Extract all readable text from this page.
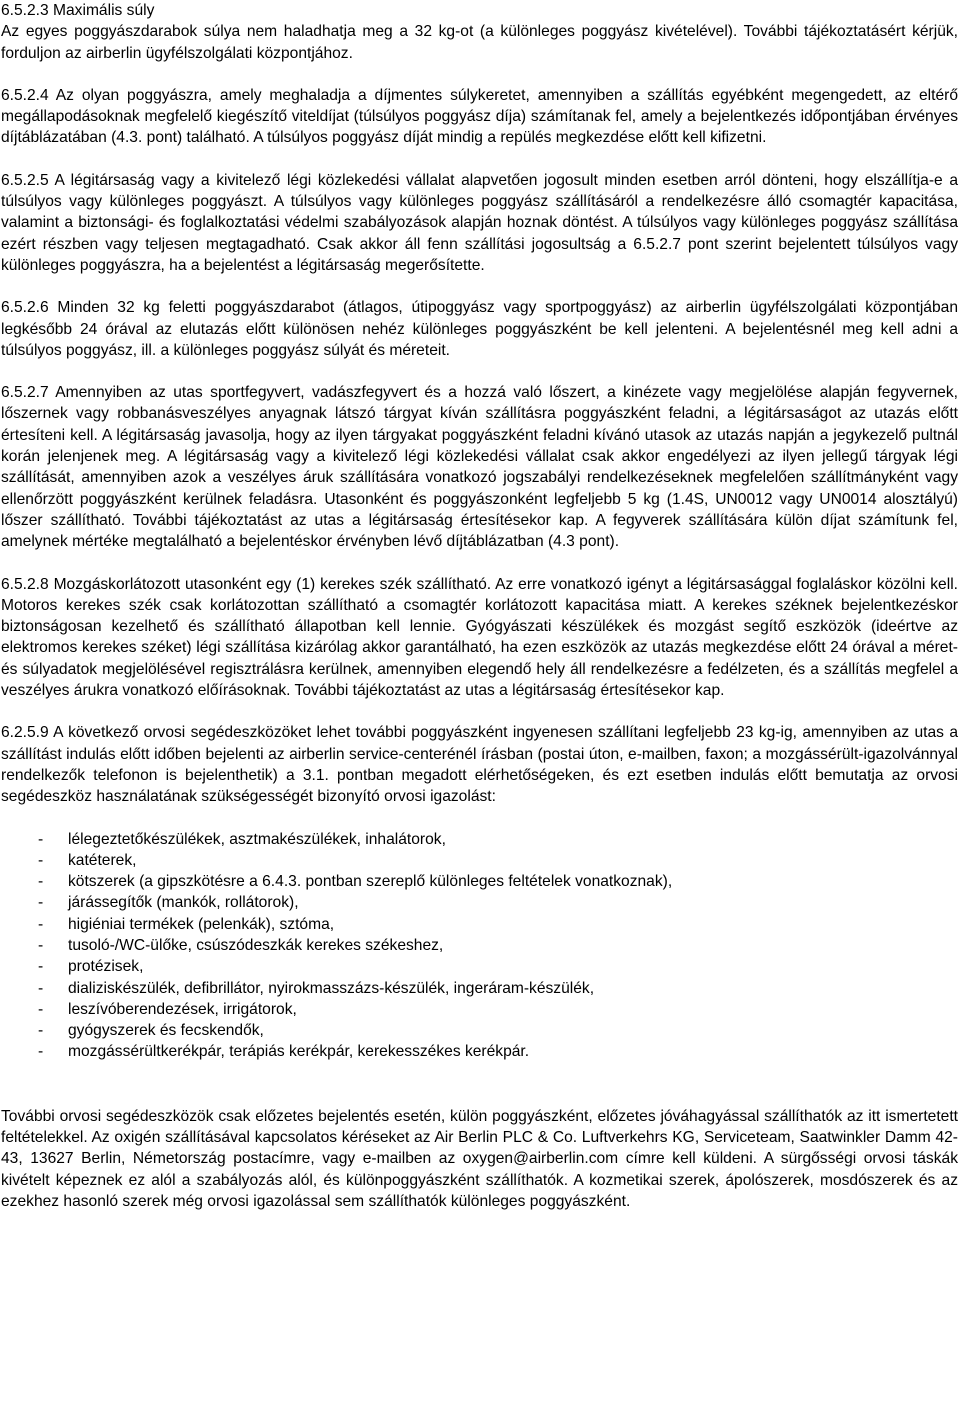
6.5.2.3 Maximális súly

Az egyes poggyászdarabok súlya nem haladhatja meg a 32 kg-ot (a különleges poggyász kivételével). További tájékoztatásért kérjük, forduljon az airberlin ügyfélszolgálati központjához.

6.5.2.4 Az olyan poggyászra, amely meghaladja a díjmentes súlykeretet, amennyiben a szállítás egyébként megengedett, az eltérő megállapodásoknak megfelelő kiegészítő viteldíjat (túlsúlyos poggyász díja) számítanak fel, amely a bejelentkezés időpontjában érvényes díjtáblázatában (4.3. pont) található. A túlsúlyos poggyász díját mindig a repülés megkezdése előtt kell kifizetni.

6.5.2.5 A légitársaság vagy a kivitelező légi közlekedési vállalat alapvetően jogosult minden esetben arról dönteni, hogy elszállítja-e a túlsúlyos vagy különleges poggyászt. A túlsúlyos vagy különleges poggyász szállításáról a rendelkezésre álló csomagtér kapacitása, valamint a biztonsági- és foglalkoztatási védelmi szabályozások alapján hoznak döntést. A túlsúlyos vagy különleges poggyász szállítása ezért részben vagy teljesen megtagadható. Csak akkor áll fenn szállítási jogosultság a 6.5.2.7 pont szerint bejelentett túlsúlyos vagy különleges poggyászra, ha a bejelentést a légitársaság megerősítette.

6.5.2.6 Minden 32 kg feletti poggyászdarabot (átlagos, útipoggyász vagy sportpoggyász) az airberlin ügyfélszolgálati központjában legkésőbb 24 órával az elutazás előtt különösen nehéz különleges poggyászként be kell jelenteni. A bejelentésnél meg kell adni a túlsúlyos poggyász, ill. a különleges poggyász súlyát és méreteit.

6.5.2.7 Amennyiben az utas sportfegyvert, vadászfegyvert és a hozzá való lőszert, a kinézete vagy megjelölése alapján fegyvernek, lőszernek vagy robbanásveszélyes anyagnak látszó tárgyat kíván szállításra poggyászként feladni, a légitársaságot az utazás előtt értesíteni kell. A légitársaság javasolja, hogy az ilyen tárgyakat poggyászként feladni kívánó utasok az utazás napján a jegykezelő pultnál korán jelenjenek meg. A légitársaság vagy a kivitelező légi közlekedési vállalat csak akkor engedélyezi az ilyen jellegű tárgyak légi szállítását, amennyiben azok a veszélyes áruk szállítására vonatkozó jogszabályi rendelkezéseknek megfelelően szállítmányként vagy ellenőrzött poggyászként kerülnek feladásra. Utasonként és poggyászonként legfeljebb 5 kg (1.4S, UN0012 vagy UN0014 alosztályú) lőszer szállítható. További tájékoztatást az utas a légitársaság értesítésekor kap. A fegyverek szállítására külön díjat számítunk fel, amelynek mértéke megtalálható a bejelentéskor érvényben lévő díjtáblázatban (4.3 pont).

6.5.2.8 Mozgáskorlátozott utasonként egy (1) kerekes szék szállítható. Az erre vonatkozó igényt a légitársasággal foglaláskor közölni kell. Motoros kerekes szék csak korlátozottan szállítható a csomagtér korlátozott kapacitása miatt. A kerekes széknek bejelentkezéskor biztonságosan kezelhető és szállítható állapotban kell lennie. Gyógyászati készülékek és mozgást segítő eszközök (ideértve az elektromos kerekes széket) légi szállítása kizárólag akkor garantálható, ha ezen eszközök az utazás megkezdése előtt 24 órával a méret- és súlyadatok megjelölésével regisztrálásra kerülnek, amennyiben elegendő hely áll rendelkezésre a fedélzeten, és a szállítás megfelel a veszélyes árukra vonatkozó előírásoknak. További tájékoztatást az utas a légitársaság értesítésekor kap.

6.2.5.9 A következő orvosi segédeszközöket lehet további poggyászként ingyenesen szállítani legfeljebb 23 kg-ig, amennyiben az utas a szállítást indulás előtt időben bejelenti az airberlin service-centerénél írásban (postai úton, e-mailben, faxon; a mozgássérült-igazolvánnyal rendelkezők telefonon is bejelenthetik) a 3.1. pontban megadott elérhetőségeken, és ezt esetben indulás előtt bemutatja az orvosi segédeszköz használatának szükségességét bizonyító orvosi igazolást:

- lélegeztetőkészülékek, asztmakészülékek, inhalátorok,
- katéterek,
- kötszerek (a gipszkötésre a 6.4.3. pontban szereplő különleges feltételek vonatkoznak),
- járássegítők (mankók, rollátorok),
- higiéniai termékek (pelenkák), sztóma,
- tusoló-/WC-ülőke, csúszódeszkák kerekes székeshez,
- protézisek,
- dializiskészülék, defibrillátor, nyirokmasszázs-készülék, ingeráram-készülék,
- leszívóberendezések, irrigátorok,
- gyógyszerek és fecskendők,
- mozgássérültkerékpár, terápiás kerékpár, kerekesszékes kerékpár.

További orvosi segédeszközök csak előzetes bejelentés esetén, külön poggyászként, előzetes jóváhagyással szállíthatók az itt ismertetett feltételekkel. Az oxigén szállításával kapcsolatos kéréseket az Air Berlin PLC & Co. Luftverkehrs KG, Serviceteam, Saatwinkler Damm 42-43, 13627 Berlin, Németország postacímre, vagy e-mailben az oxygen@airberlin.com címre kell küldeni. A sürgősségi orvosi táskák kivételt képeznek ez alól a szabályozás alól, és különpoggyászként szállíthatók. A kozmetikai szerek, ápolószerek, mosdószerek és az ezekhez hasonló szerek még orvosi igazolással sem szállíthatók különleges poggyászként.
